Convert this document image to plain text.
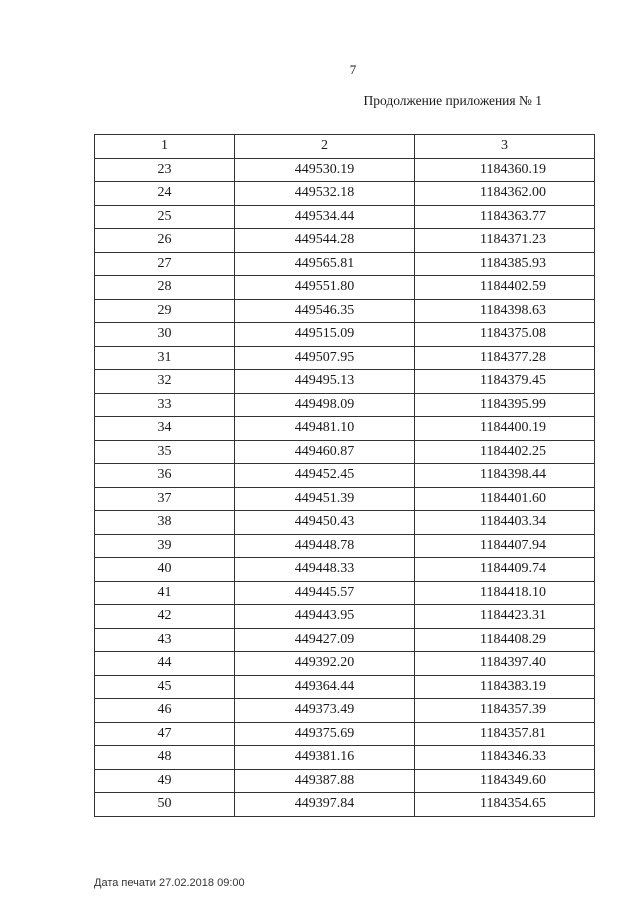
7
Продолжение приложения № 1
1	2	3
23	449530.19	1184360.19
24	449532.18	1184362.00
25	449534.44	1184363.77
26	449544.28	1184371.23
27	449565.81	1184385.93
28	449551.80	1184402.59
29	449546.35	1184398.63
30	449515.09	1184375.08
31	449507.95	1184377.28
32	449495.13	1184379.45
33	449498.09	1184395.99
34	449481.10	1184400.19
35	449460.87	1184402.25
36	449452.45	1184398.44
37	449451.39	1184401.60
38	449450.43	1184403.34
39	449448.78	1184407.94
40	449448.33	1184409.74
41	449445.57	1184418.10
42	449443.95	1184423.31
43	449427.09	1184408.29
44	449392.20	1184397.40
45	449364.44	1184383.19
46	449373.49	1184357.39
47	449375.69	1184357.81
48	449381.16	1184346.33
49	449387.88	1184349.60
50	449397.84	1184354.65
Дата печати 27.02.2018 09:00
